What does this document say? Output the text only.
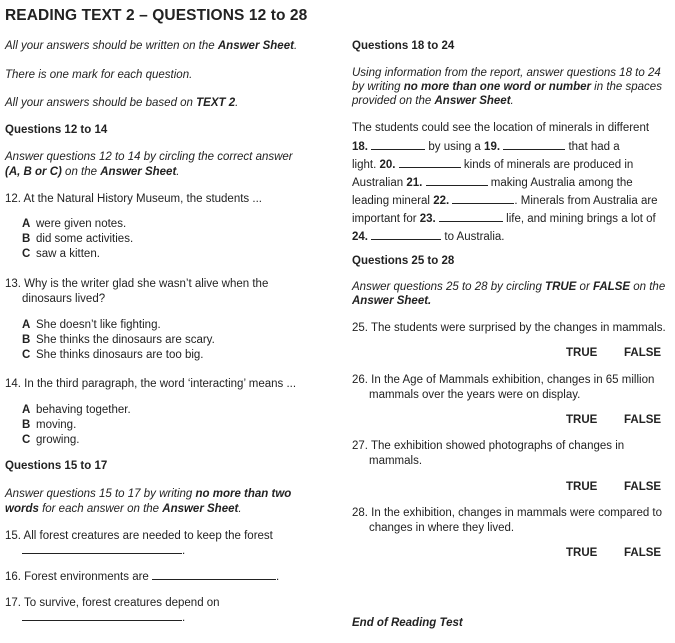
READING TEXT 2 – QUESTIONS 12 to 28
All your answers should be written on the Answer Sheet.
There is one mark for each question.
All your answers should be based on TEXT 2.
Questions 12 to 14
Answer questions 12 to 14 by circling the correct answer
(A, B or C) on the Answer Sheet.
12. At the Natural History Museum, the students ...
A were given notes.
B did some activities.
C saw a kitten.
13. Why is the writer glad she wasn’t alive when the
dinosaurs lived?
A She doesn’t like fighting.
B She thinks the dinosaurs are scary.
C She thinks dinosaurs are too big.
14. In the third paragraph, the word ‘interacting’ means ...
A behaving together.
B moving.
C growing.
Questions 15 to 17
Answer questions 15 to 17 by writing no more than two
words for each answer on the Answer Sheet.
15. All forest creatures are needed to keep the forest
.
16. Forest environments are	.
17. To survive, forest creatures depend on
.
Questions 18 to 24
Using information from the report, answer questions 18 to 24
by writing no more than one word or number in the spaces
provided on the Answer Sheet.
The students could see the location of minerals in different
18.	by using a 19.	that had a
light. 20.	kinds of minerals are produced in
Australian 21.	making Australia among the
leading mineral 22.	. Minerals from Australia are
important for 23.	life, and mining brings a lot of
24.	to Australia.
Questions 25 to 28
Answer questions 25 to 28 by circling TRUE or FALSE on the
Answer Sheet.
25. The students were surprised by the changes in mammals.
TRUE FALSE
26. In the Age of Mammals exhibition, changes in 65 million
mammals over the years were on display.
TRUE FALSE
27. The exhibition showed photographs of changes in
mammals.
TRUE FALSE
28. In the exhibition, changes in mammals were compared to
changes in where they lived.
TRUE FALSE
End of Reading Test
